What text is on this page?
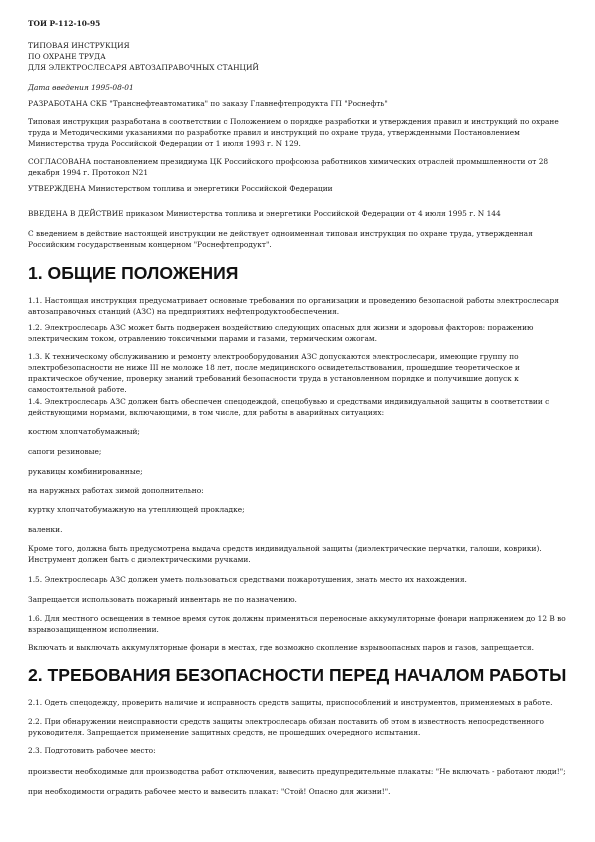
ТОИ Р-112-10-95

ТИПОВАЯ ИНСТРУКЦИЯ

ПО ОХРАНЕ ТРУДА

ДЛЯ ЭЛЕКТРОСЛЕСАРЯ АВТОЗАПРАВОЧНЫХ СТАНЦИЙ

Дата введения 1995-08-01

РАЗРАБОТАНА СКБ "Транснефтеавтоматика" по заказу Главнефтепродукта ГП "Роснефть"

Типовая инструкция разработана в соответствии с Положением о порядке разработки и утверждения правил и инструкций по охране труда и Методическими указаниями по разработке правил и инструкций по охране труда, утвержденными Постановлением Министерства труда Российской Федерации от 1 июля 1993 г. N 129.

СОГЛАСОВАНА постановлением президиума ЦК Российского профсоюза работников химических отраслей промышленности от 28 декабря 1994 г. Протокол N21

УТВЕРЖДЕНА Министерством топлива и энергетики Российской Федерации

ВВЕДЕНА В ДЕЙСТВИЕ приказом Министерства топлива и энергетики Российской Федерации от 4 июля 1995 г. N 144

С введением в действие настоящей инструкции не действует одноименная типовая инструкция по охране труда, утвержденная Российским государственным концерном "Роснефтепродукт".

1. ОБЩИЕ ПОЛОЖЕНИЯ

1.1. Настоящая инструкция предусматривает основные требования по организации и проведению безопасной работы электрослесаря автозаправочных станций (АЗС) на предприятиях нефтепродуктообеспечения.

1.2. Электрослесарь АЗС может быть подвержен воздействию следующих опасных для жизни и здоровья факторов: поражению электрическим током, отравлению токсичными парами и газами, термическим ожогам.

1.3. К техническому обслуживанию и ремонту электрооборудования АЗС допускаются электрослесари, имеющие группу по электробезопасности не ниже III не моложе 18 лет, после медицинского освидетельствования, прошедшие теоретическое и практическое обучение, проверку знаний требований безопасности труда в установленном порядке и получившие допуск к самостоятельной работе.

1.4. Электрослесарь АЗС должен быть обеспечен спецодеждой, спецобувью и средствами индивидуальной защиты в соответствии с действующими нормами, включающими, в том числе, для работы в аварийных ситуациях:

костюм хлопчатобумажный;

сапоги резиновые;

рукавицы комбинированные;

на наружных работах зимой дополнительно:

куртку хлопчатобумажную на утепляющей прокладке;

валенки.

Кроме того, должна быть предусмотрена выдача средств индивидуальной защиты (диэлектрические перчатки, галоши, коврики). Инструмент должен быть с диэлектрическими ручками.

1.5. Электрослесарь АЗС должен уметь пользоваться средствами пожаротушения, знать место их нахождения.

Запрещается использовать пожарный инвентарь не по назначению.

1.6. Для местного освещения в темное время суток должны применяться переносные аккумуляторные фонари напряжением до 12 В во взрывозащищенном исполнении.

Включать и выключать аккумуляторные фонари в местах, где возможно скопление взрывоопасных паров и газов, запрещается.

2. ТРЕБОВАНИЯ БЕЗОПАСНОСТИ ПЕРЕД НАЧАЛОМ РАБОТЫ

2.1. Одеть спецодежду, проверить наличие и исправность средств защиты, приспособлений и инструментов, применяемых в работе.

2.2. При обнаружении неисправности средств защиты электрослесарь обязан поставить об этом в известность непосредственного руководителя. Запрещается применение защитных средств, не прошедших очередного испытания.

2.3. Подготовить рабочее место:

произвести необходимые для производства работ отключения, вывесить предупредительные плакаты: "Не включать - работают люди!";

при необходимости оградить рабочее место и вывесить плакат: "Стой! Опасно для жизни!".
